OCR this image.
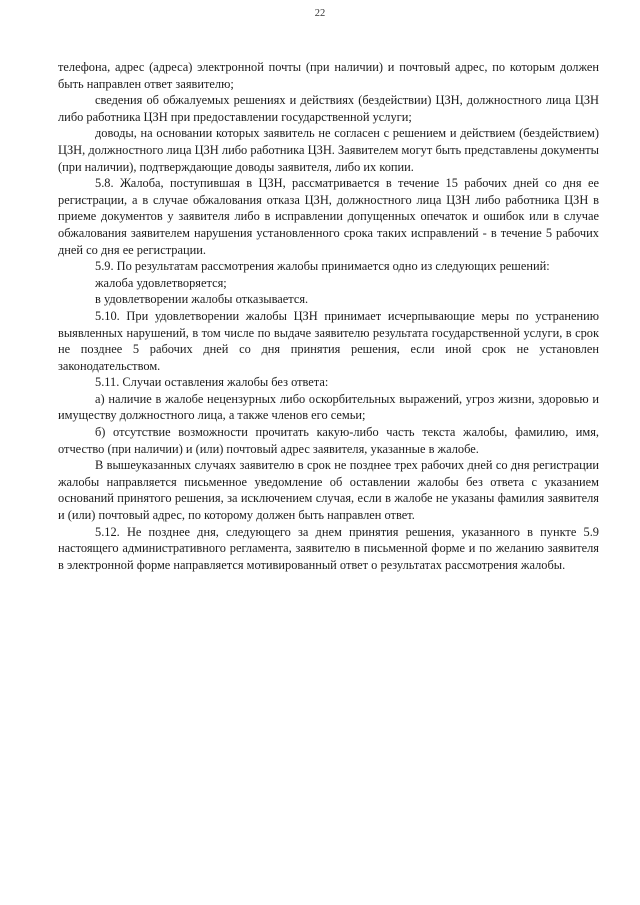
22

телефона, адрес (адреса) электронной почты (при наличии) и почтовый адрес, по которым должен быть направлен ответ заявителю;

сведения об обжалуемых решениях и действиях (бездействии) ЦЗН, должностного лица ЦЗН либо работника ЦЗН при предоставлении государственной услуги;

доводы, на основании которых заявитель не согласен с решением и действием (бездействием) ЦЗН, должностного лица ЦЗН либо работника ЦЗН. Заявителем могут быть представлены документы (при наличии), подтверждающие доводы заявителя, либо их копии.

5.8. Жалоба, поступившая в ЦЗН, рассматривается в течение 15 рабочих дней со дня ее регистрации, а в случае обжалования отказа ЦЗН, должностного лица ЦЗН либо работника ЦЗН в приеме документов у заявителя либо в исправлении допущенных опечаток и ошибок или в случае обжалования заявителем нарушения установленного срока таких исправлений - в течение 5 рабочих дней со дня ее регистрации.

5.9. По результатам рассмотрения жалобы принимается одно из следующих решений:

жалоба удовлетворяется;

в удовлетворении жалобы отказывается.

5.10. При удовлетворении жалобы ЦЗН принимает исчерпывающие меры по устранению выявленных нарушений, в том числе по выдаче заявителю результата государственной услуги, в срок не позднее 5 рабочих дней со дня принятия решения, если иной срок не установлен законодательством.

5.11. Случаи оставления жалобы без ответа:

а) наличие в жалобе нецензурных либо оскорбительных выражений, угроз жизни, здоровью и имуществу должностного лица, а также членов его семьи;

б) отсутствие возможности прочитать какую-либо часть текста жалобы, фамилию, имя, отчество (при наличии) и (или) почтовый адрес заявителя, указанные в жалобе.

В вышеуказанных случаях заявителю в срок не позднее трех рабочих дней со дня регистрации жалобы направляется письменное уведомление об оставлении жалобы без ответа с указанием оснований принятого решения, за исключением случая, если в жалобе не указаны фамилия заявителя и (или) почтовый адрес, по которому должен быть направлен ответ.

5.12. Не позднее дня, следующего за днем принятия решения, указанного в пункте 5.9 настоящего административного регламента, заявителю в письменной форме и по желанию заявителя в электронной форме направляется мотивированный ответ о результатах рассмотрения жалобы.
